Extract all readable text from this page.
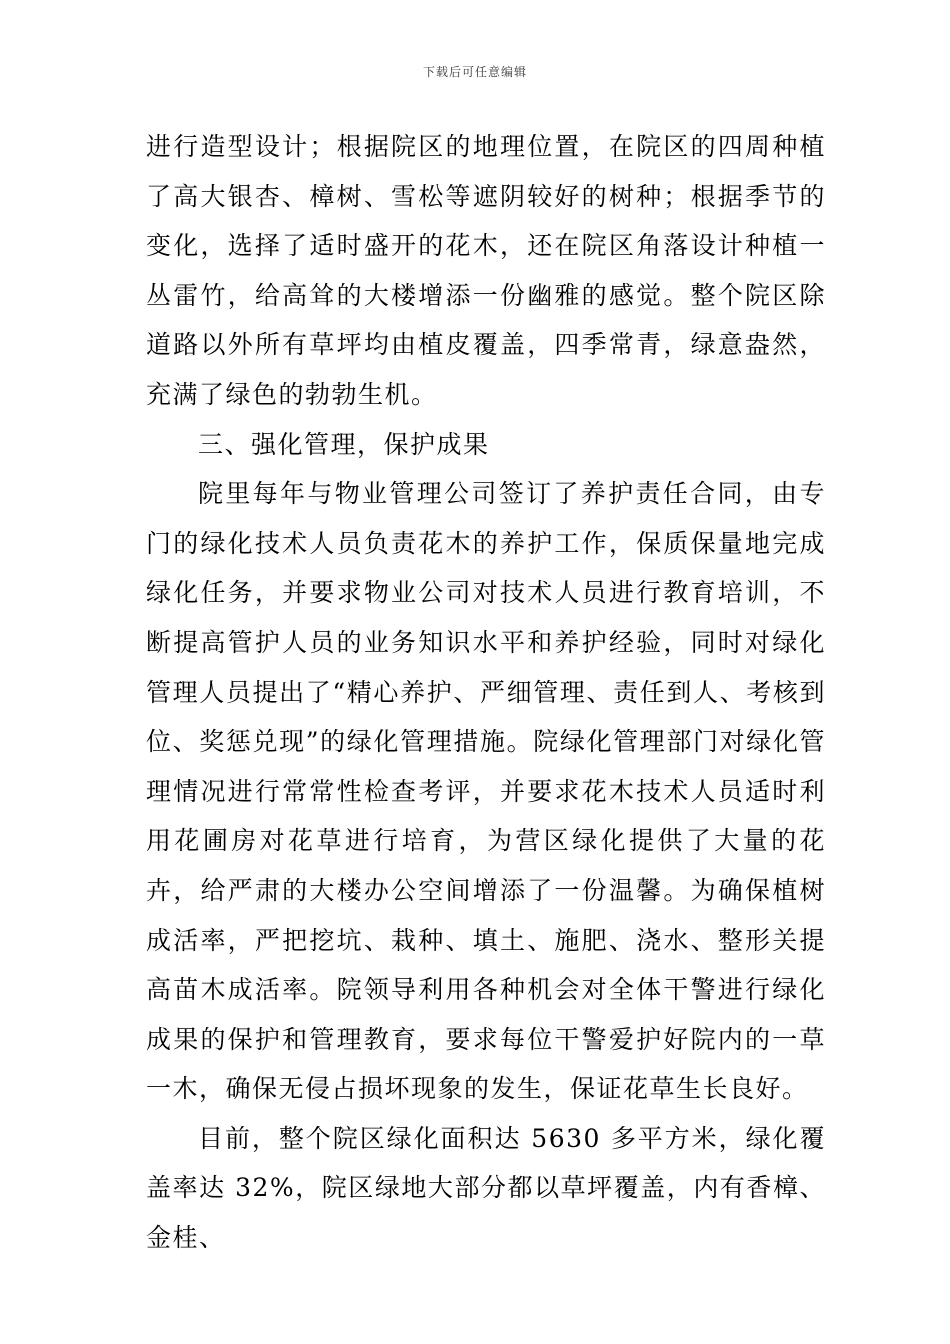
下载后可任意编辑

进行造型设计；根据院区的地理位置，在院区的四周种植了高大银杏、樟树、雪松等遮阴较好的树种；根据季节的变化，选择了适时盛开的花木，还在院区角落设计种植一丛雷竹，给高耸的大楼增添一份幽雅的感觉。整个院区除道路以外所有草坪均由植皮覆盖，四季常青，绿意盎然，充满了绿色的勃勃生机。

三、强化管理，保护成果

院里每年与物业管理公司签订了养护责任合同，由专门的绿化技术人员负责花木的养护工作，保质保量地完成绿化任务，并要求物业公司对技术人员进行教育培训，不断提高管护人员的业务知识水平和养护经验，同时对绿化管理人员提出了“精心养护、严细管理、责任到人、考核到位、奖惩兑现”的绿化管理措施。院绿化管理部门对绿化管理情况进行常常性检查考评，并要求花木技术人员适时利用花圃房对花草进行培育，为营区绿化提供了大量的花卉，给严肃的大楼办公空间增添了一份温馨。为确保植树成活率，严把挖坑、栽种、填土、施肥、浇水、整形关提高苗木成活率。院领导利用各种机会对全体干警进行绿化成果的保护和管理教育，要求每位干警爱护好院内的一草一木，确保无侵占损坏现象的发生，保证花草生长良好。

目前，整个院区绿化面积达 5630 多平方米，绿化覆盖率达 32%，院区绿地大部分都以草坪覆盖，内有香樟、金桂、
